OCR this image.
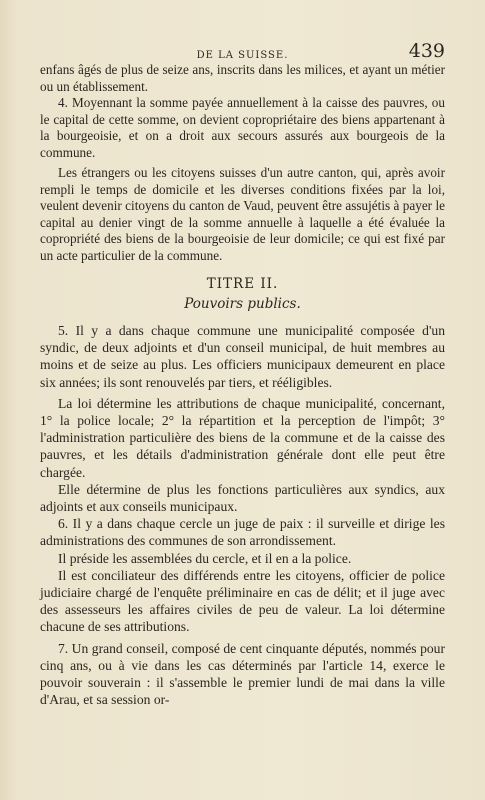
DE LA SUISSE.	439

enfans âgés de plus de seize ans, inscrits dans les milices, et ayant un métier ou un établissement.

4. Moyennant la somme payée annuellement à la caisse des pauvres, ou le capital de cette somme, on devient copropriétaire des biens appartenant à la bourgeoisie, et on a droit aux secours assurés aux bourgeois de la commune.

Les étrangers ou les citoyens suisses d'un autre canton, qui, après avoir rempli le temps de domicile et les diverses conditions fixées par la loi, veulent devenir citoyens du canton de Vaud, peuvent être assujétis à payer le capital au denier vingt de la somme annuelle à laquelle a été évaluée la copropriété des biens de la bourgeoisie de leur domicile; ce qui est fixé par un acte particulier de la commune.

TITRE II.
Pouvoirs publics.

5. Il y a dans chaque commune une municipalité composée d'un syndic, de deux adjoints et d'un conseil municipal, de huit membres au moins et de seize au plus. Les officiers municipaux demeurent en place six années; ils sont renouvelés par tiers, et rééligibles.

La loi détermine les attributions de chaque municipalité, concernant, 1° la police locale; 2° la répartition et la perception de l'impôt; 3° l'administration particulière des biens de la commune et de la caisse des pauvres, et les détails d'administration générale dont elle peut être chargée.

Elle détermine de plus les fonctions particulières aux syndics, aux adjoints et aux conseils municipaux.

6. Il y a dans chaque cercle un juge de paix : il surveille et dirige les administrations des communes de son arrondissement.

Il préside les assemblées du cercle, et il en a la police.

Il est conciliateur des différends entre les citoyens, officier de police judiciaire chargé de l'enquête préliminaire en cas de délit; et il juge avec des assesseurs les affaires civiles de peu de valeur. La loi détermine chacune de ses attributions.

7. Un grand conseil, composé de cent cinquante députés, nommés pour cinq ans, ou à vie dans les cas déterminés par l'article 14, exerce le pouvoir souverain : il s'assemble le premier lundi de mai dans la ville d'Arau, et sa session or-
